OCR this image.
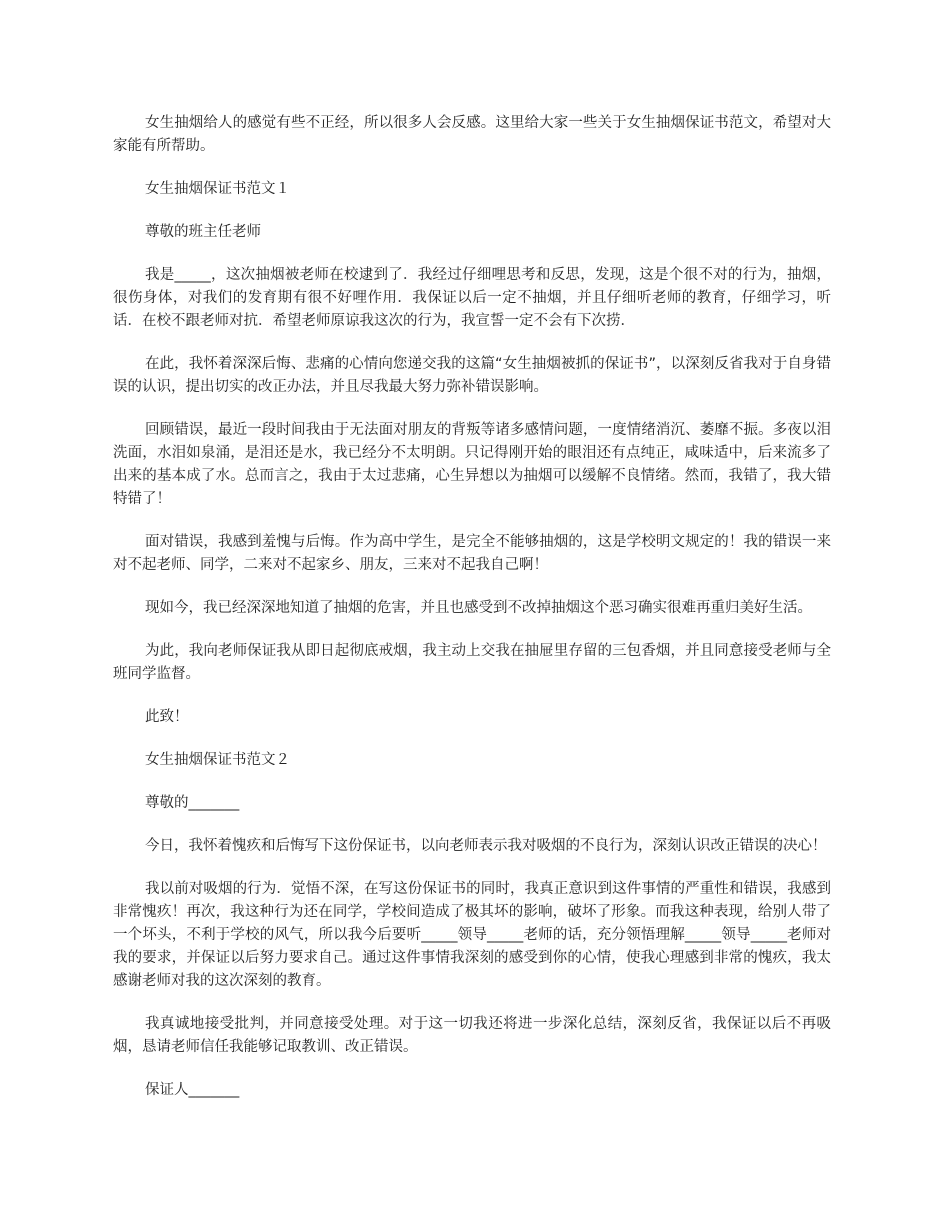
女生抽烟给人的感觉有些不正经，所以很多人会反感。这里给大家一些关于女生抽烟保证书范文，希望对大家能有所帮助。

女生抽烟保证书范文１

尊敬的班主任老师

我是_____，这次抽烟被老师在校逮到了．我经过仔细哩思考和反思，发现，这是个很不对的行为，抽烟，很伤身体，对我们的发育期有很不好哩作用．我保证以后一定不抽烟，并且仔细听老师的教育，仔细学习，听话．在校不跟老师对抗．希望老师原谅我这次的行为，我宣誓一定不会有下次捞．

在此，我怀着深深后悔、悲痛的心情向您递交我的这篇“女生抽烟被抓的保证书”，以深刻反省我对于自身错误的认识，提出切实的改正办法，并且尽我最大努力弥补错误影响。

回顾错误，最近一段时间我由于无法面对朋友的背叛等诸多感情问题，一度情绪消沉、萎靡不振。多夜以泪洗面，水泪如泉涌，是泪还是水，我已经分不太明朗。只记得刚开始的眼泪还有点纯正，咸味适中，后来流多了出来的基本成了水。总而言之，我由于太过悲痛，心生异想以为抽烟可以缓解不良情绪。然而，我错了，我大错特错了！

面对错误，我感到羞愧与后悔。作为高中学生，是完全不能够抽烟的，这是学校明文规定的！我的错误一来对不起老师、同学，二来对不起家乡、朋友，三来对不起我自己啊！

现如今，我已经深深地知道了抽烟的危害，并且也感受到不改掉抽烟这个恶习确实很难再重归美好生活。

为此，我向老师保证我从即日起彻底戒烟，我主动上交我在抽屉里存留的三包香烟，并且同意接受老师与全班同学监督。

此致！

女生抽烟保证书范文２

尊敬的_______

今日，我怀着愧疚和后悔写下这份保证书，以向老师表示我对吸烟的不良行为，深刻认识改正错误的决心！

我以前对吸烟的行为．觉悟不深，在写这份保证书的同时，我真正意识到这件事情的严重性和错误，我感到非常愧疚！再次，我这种行为还在同学，学校间造成了极其坏的影响，破坏了形象。而我这种表现，给别人带了一个坏头，不利于学校的风气，所以我今后要听_____领导_____老师的话，充分领悟理解_____领导_____老师对我的要求，并保证以后努力要求自己。通过这件事情我深刻的感受到你的心情，使我心理感到非常的愧疚，我太感谢老师对我的这次深刻的教育。

我真诚地接受批判，并同意接受处理。对于这一切我还将进一步深化总结，深刻反省，我保证以后不再吸烟，恳请老师信任我能够记取教训、改正错误。

保证人_______
